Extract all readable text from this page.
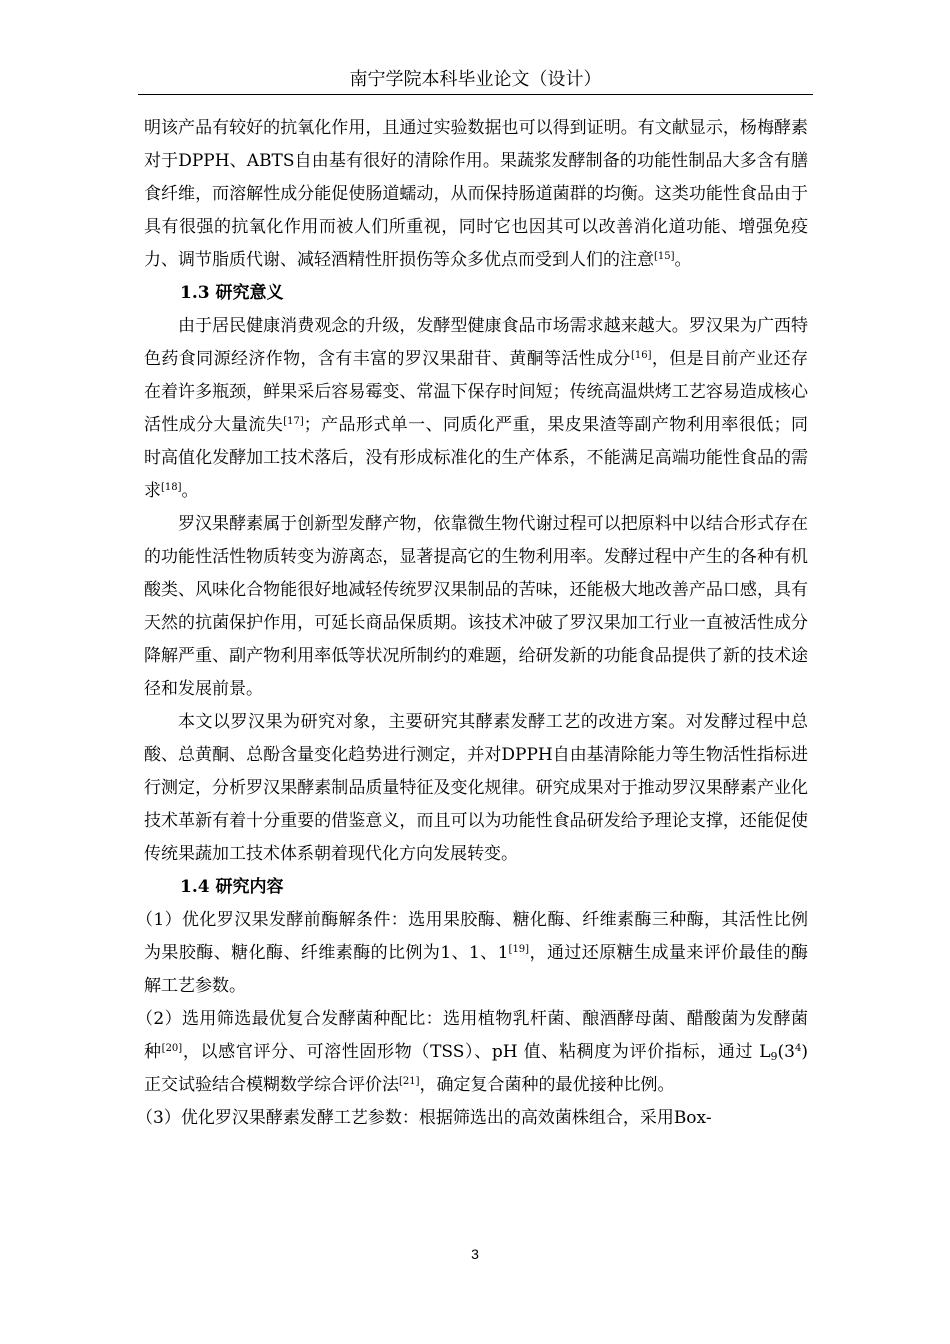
南宁学院本科毕业论文（设计）

明该产品有较好的抗氧化作用，且通过实验数据也可以得到证明。有文献显示，杨梅酵素对于DPPH、ABTS自由基有很好的清除作用。果蔬浆发酵制备的功能性制品大多含有膳食纤维，而溶解性成分能促使肠道蠕动，从而保持肠道菌群的均衡。这类功能性食品由于具有很强的抗氧化作用而被人们所重视，同时它也因其可以改善消化道功能、增强免疫力、调节脂质代谢、减轻酒精性肝损伤等众多优点而受到人们的注意[15]。

1.3 研究意义

由于居民健康消费观念的升级，发酵型健康食品市场需求越来越大。罗汉果为广西特色药食同源经济作物，含有丰富的罗汉果甜苷、黄酮等活性成分[16]，但是目前产业还存在着许多瓶颈，鲜果采后容易霉变、常温下保存时间短；传统高温烘烤工艺容易造成核心活性成分大量流失[17]；产品形式单一、同质化严重，果皮果渣等副产物利用率很低；同时高值化发酵加工技术落后，没有形成标准化的生产体系，不能满足高端功能性食品的需求[18]。

罗汉果酵素属于创新型发酵产物，依靠微生物代谢过程可以把原料中以结合形式存在的功能性活性物质转变为游离态，显著提高它的生物利用率。发酵过程中产生的各种有机酸类、风味化合物能很好地减轻传统罗汉果制品的苦味，还能极大地改善产品口感，具有天然的抗菌保护作用，可延长商品保质期。该技术冲破了罗汉果加工行业一直被活性成分降解严重、副产物利用率低等状况所制约的难题，给研发新的功能食品提供了新的技术途径和发展前景。

本文以罗汉果为研究对象，主要研究其酵素发酵工艺的改进方案。对发酵过程中总酸、总黄酮、总酚含量变化趋势进行测定，并对DPPH自由基清除能力等生物活性指标进行测定，分析罗汉果酵素制品质量特征及变化规律。研究成果对于推动罗汉果酵素产业化技术革新有着十分重要的借鉴意义，而且可以为功能性食品研发给予理论支撑，还能促使传统果蔬加工技术体系朝着现代化方向发展转变。

1.4 研究内容

（1）优化罗汉果发酵前酶解条件：选用果胶酶、糖化酶、纤维素酶三种酶，其活性比例为果胶酶、糖化酶、纤维素酶的比例为1、1、1[19]，通过还原糖生成量来评价最佳的酶解工艺参数。

（2）选用筛选最优复合发酵菌种配比：选用植物乳杆菌、酿酒酵母菌、醋酸菌为发酵菌种[20]，以感官评分、可溶性固形物（TSS）、pH 值、粘稠度为评价指标，通过 $L_9(3^4)$ 正交试验结合模糊数学综合评价法[21]，确定复合菌种的最优接种比例。

（3）优化罗汉果酵素发酵工艺参数：根据筛选出的高效菌株组合，采用Box-

3
